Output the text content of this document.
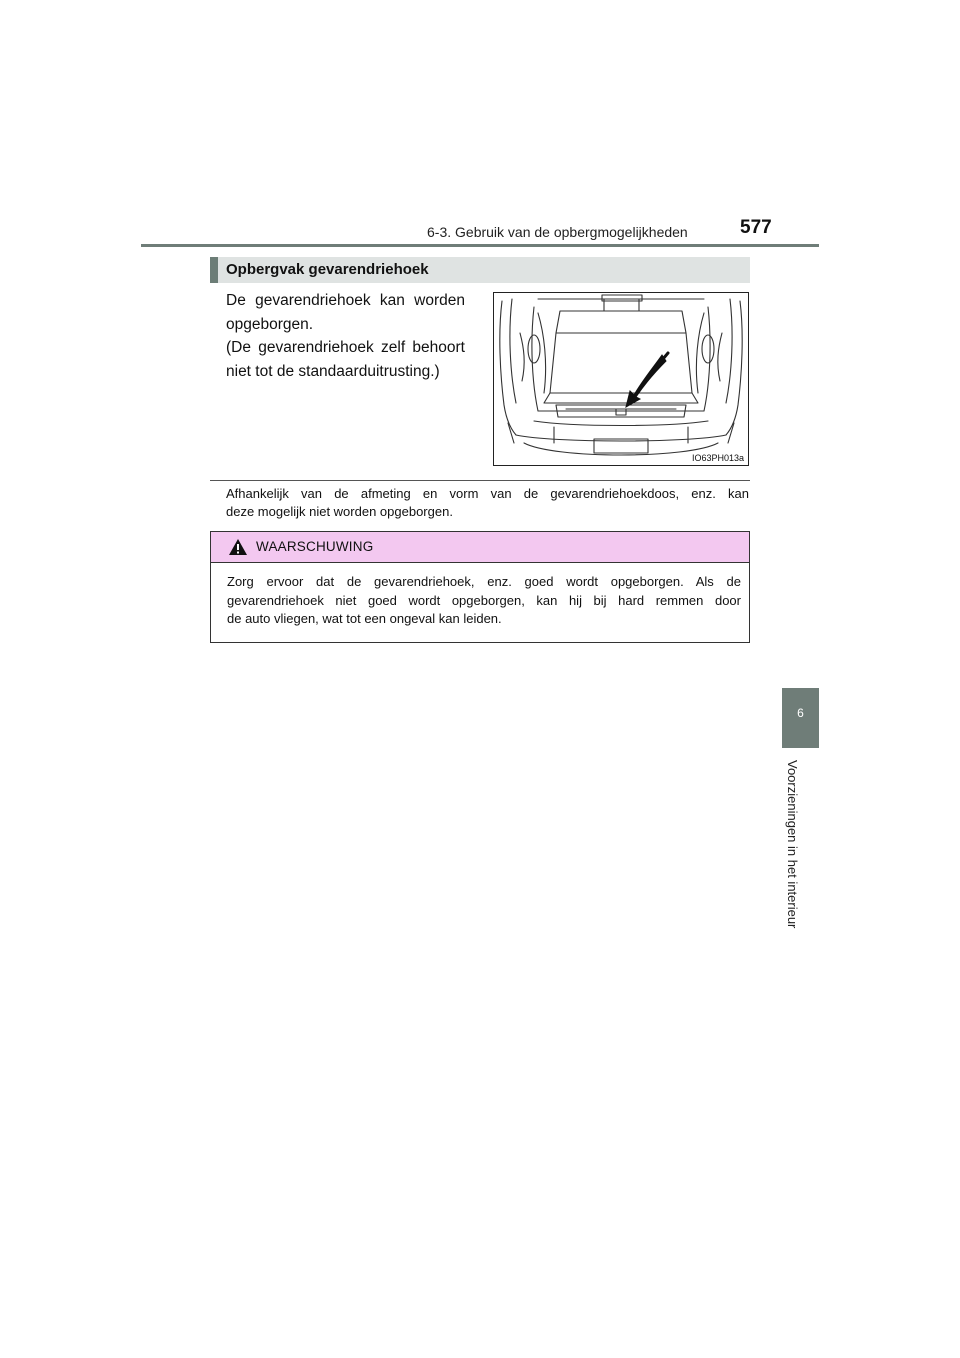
6-3. Gebruik van de opbergmogelijkheden	577
Opbergvak gevarendriehoek
De gevarendriehoek kan worden
opgeborgen.
(De gevarendriehoek zelf behoort
niet tot de standaarduitrusting.)
IO63PH013a
Afhankelijk van de afmeting en vorm van de gevarendriehoekdoos, enz. kan
deze mogelijk niet worden opgeborgen.
WAARSCHUWING
Zorg ervoor dat de gevarendriehoek, enz. goed wordt opgeborgen. Als de
gevarendriehoek niet goed wordt opgeborgen, kan hij bij hard remmen door
de auto vliegen, wat tot een ongeval kan leiden.
6
Voorzieningen in het interieur
